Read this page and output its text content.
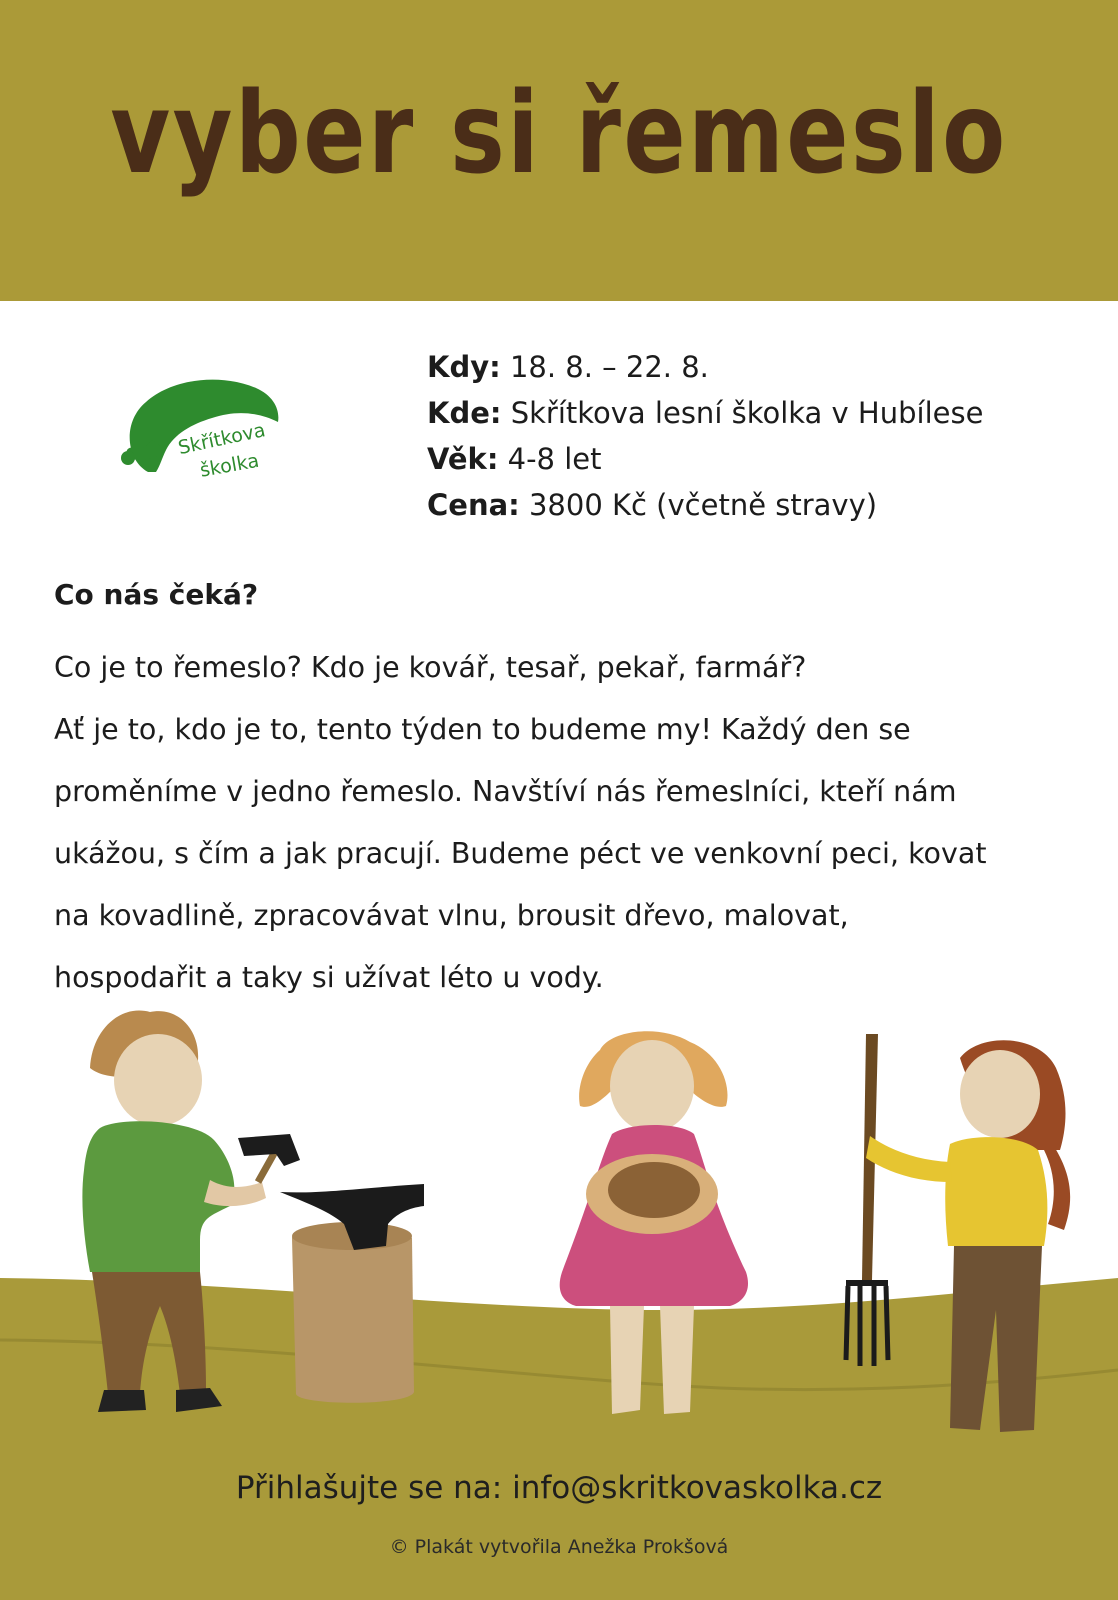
vyber si řemeslo
Skřítkova
školka
Kdy: 18. 8. – 22. 8.
Kde: Skřítkova lesní školka v Hubílese
Věk: 4-8 let
Cena: 3800 Kč (včetně stravy)
Co nás čeká?
Co je to řemeslo? Kdo je kovář, tesař, pekař, farmář?
Ať je to, kdo je to, tento týden to budeme my! Každý den se
proměníme v jedno řemeslo. Navštíví nás řemeslníci, kteří nám
ukážou, s čím a jak pracují. Budeme péct ve venkovní peci, kovat
na kovadlině, zpracovávat vlnu, brousit dřevo, malovat,
hospodařit a taky si užívat léto u vody.
Přihlašujte se na: info@skritkovaskolka.cz
© Plakát vytvořila Anežka Prokšová
